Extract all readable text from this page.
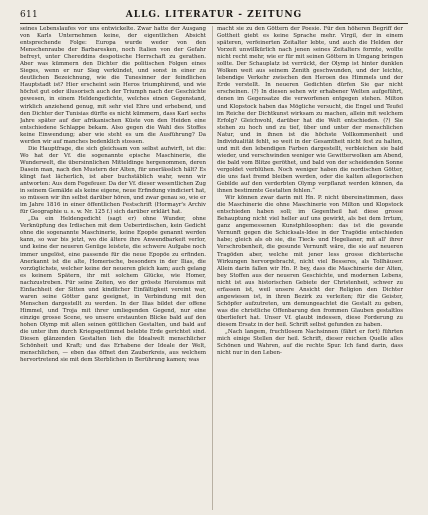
611	ALLG. LITERATUR - ZEITUNG

seines Lebenslaufes vor uns entwickelte. Zwar hatte der Ausgang von Karls Unternehmen keine, der eigentlichen Absicht entsprechende Folge: Europa wurde weder von den Menschenraube der Barbaresken, noch Italien von der Gefahr befreyt, unter Chereddins despotische Herrschaft zu gerathen. Aber was kümmern den Dichter die politischen Folgen eines Sieges, wenn er nur Sieg verkündet, und sonst in einer zu deutlichen Bezeichnung, wie die Tunesinner der feindlichen Hauptstadt ist? Hier erscheint sein Heros triumphirend, und wie höchst gut oder illusorisch auch der Triumph nach der Geschichte gewesen, in einem Heldengedichte, welches einen Gegenstand, wirklich anziehend genug, mit sehr viel Ehre und erhebend, und den Dichter der Tunisias dürfte es nicht kümmern, dass Karl sechs Jahre später auf der afrikanischen Küste von den Heiden eine entschiedene Schlappe bekam. Also gegen die Wahl des Stoffes keine Einwendung; aber wie steht es um die Ausführung? Da werden wir auf manches bedenklich stossen.

Die Hauptfrage, die sich gleichsam von selbst aufwirft, ist die: Wo hat der Vf. die sogenannte epische Maschinerie, die Wunderwelt, die übersinnlichen Mitteldinge hergenommen, deren Dasein man, nach den Mustern der Alten, für unerlässlich hält? Es klingt fast lächerlich, ist aber buchstäblich wahr, wenn wir antworten: Aus dem Fegefeuer. Da der Vf. dieser wesentlichen Zug in seinem Gemälde als keine eigene, neue Erfindung vindiciert hat, so müssen wir ihn selbst darüber hören, und zwar genau so, wie er im Jahre 1816 in einer öffentlichen Festschrift (Hormayr's Archiv für Geographie u. s. w. Nr. 125 f.) sich darüber erklärt hat.

„Da ein Heldengedicht (sagt er) ohne Wunder, ohne Verknüpfung des Irdischen mit dem Ueberirdischen, kein Gedicht ohne die sogenannte Maschinerie, keine Epopöe genannt werden kann, so war bis jetzt, wo die ältere ihre Anwendbarkeit verlor, und keine der neueren Genüge leistete, die schwere Aufgabe noch immer ungelöst, eine passende für die neue Epopöe zu erfinden. Anerkannt ist die alte, Homerische, besonders in der Ilias, die vorzüglichste, welcher keine der neueren gleich kam; auch gelang es keinem Spätern, ihr mit solchem Glücke, wie Homer, nachzustreben. Für seine Zeiten, wo der grösste Heroismus mit Einfachheit der Sitten und kindlicher Einfältigkeit vereint war, waren seine Götter ganz geeignet, in Verbindung mit den Menschen dargestellt zu werden. In der Ilias bildet der offene Himmel, und Troja mit ihrer umliegenden Gegend, nur eine einzige grosse Scene, wo unsere erstaunten Blicke bald auf den hohen Olymp mit allen seinen göttlichen Gestalten, und bald auf die unter ihm durch Kriegsgetümmel belebte Erde gerichtet sind. Diesen glänzenden Gestalten lieh die Idealwelt menschlicher Schönheit und Kraft; und das Erhabene der Ideale der Welt, menschlichen, — eben das öffnet den Zauberkreis, aus welchem hervortretend sie mit dem Sterblichen in Berührung kamen; was

macht sie zu den Göttern der Poesie. Für den höheren Begriff der Gottheit giebt es keine Sprache mehr. Virgil, der in einem späteren, verfeinerten Zeitalter lebte, und auch die Helden der Vorzeit unwillkürlich nach jenen seines Zeitalters formte, wollte nicht recht mehr, wie er für mit seinen Göttern in Umgang bringen sollte. Der Schauplatz ist verrückt, der Olymp ist hinter dunklen Wolken weit aus seinem Zenith geschwunden, und der leichte, lebendige Verkehr zwischen den Heroen des Himmels und der Erde verstellt. In neueren Gedichten dürfen Sie gar nicht erscheinen. (?) In diesen sehen wir erhabener Welten aufgeführt, denen im Gegensatze die verworfenen entgegen stehen. Milton und Klopstock haben das Mögliche versucht, die Engel und Teufel im Reiche der Dichtkunst wirksam zu machen, allein mit welchem Erfolg? Gleichwohl, darüber hat die Welt entschieden. (?) Sie stehen zu hoch und zu tief, über und unter der menschlichen Natur, und in ihnen ist die höchste Vollkommenheit und Individualität fehlt, so weit in der Gesamtheit nicht fest zu halten, und mit den lebendigen Farben dargestellt, verbleichen sie bald wieder, und verschwinden weniger wie Gewitterwolken am Abend, die bald vom Blitze geröthet, und bald von der scheidenden Sonne vergoldet verblühen. Noch weniger haben die nordischen Götter, die uns fast fremd bleiben werden, oder die kalten allegorischen Gebilde auf den verderbten Olymp verpflanzt werden können, da ihnen bestimmte Gestalten fehlen.“

Wir können zwar darin mit Hn. P. nicht übereinstimmen, dass die Maschinerie die ohne Maschinerie von Milton und Klopstock entschieden haben soll; im Gegentheil hat diese grosse Behauptung nicht viel heller auf uns gewirkt, als bei dem Irrtum, ganz angemessenen Kunstphilosophen: das ist die gesunde Vernunft gegen die Schicksals-Idee in der Tragödie entschieden habe; gleich als ob sie, die Tieck- und Hegelianer, mit all' ihrer Verschrobenheit, die gesunde Vernunft wäre, die sie auf neueren Tragöden aber, welche mit jener less grosse dichterische Wirkungen hervorgebracht, nicht viel Besseres, als Tollhäuser. Allein darin fallen wir Hn. P. bey, dass die Maschinerie der Alten, bey Stoffen aus der neueren Geschichte, und modernen Lebens, nicht ist aus historischen Gebiete der Christenheit, schwer zu erfassen ist, weil unsere Ansicht der Religion den Dichter angewiesen ist, in ihren Bezirk zu verleiten; für die Geister, Schöpfer aufzutreten, um demungeachtet die Gestalt zu geben, was die christliche Offenbarung den frommen Glauben gestaltlos überliefert hat. Unser Vf. glaubt indessen, diese Forderung zu diesem Ersatz in der heil. Schrift selbst gefunden zu haben.

„Nach langem, fruchtlosem Nachsinnen (fährt er fort) führten mich einige Stellen der heil. Schrift, dieser reichen Quelle alles Schönen und Wahren, auf die rechte Spur. Ich fand darin, dass nicht nur in den Leben-
